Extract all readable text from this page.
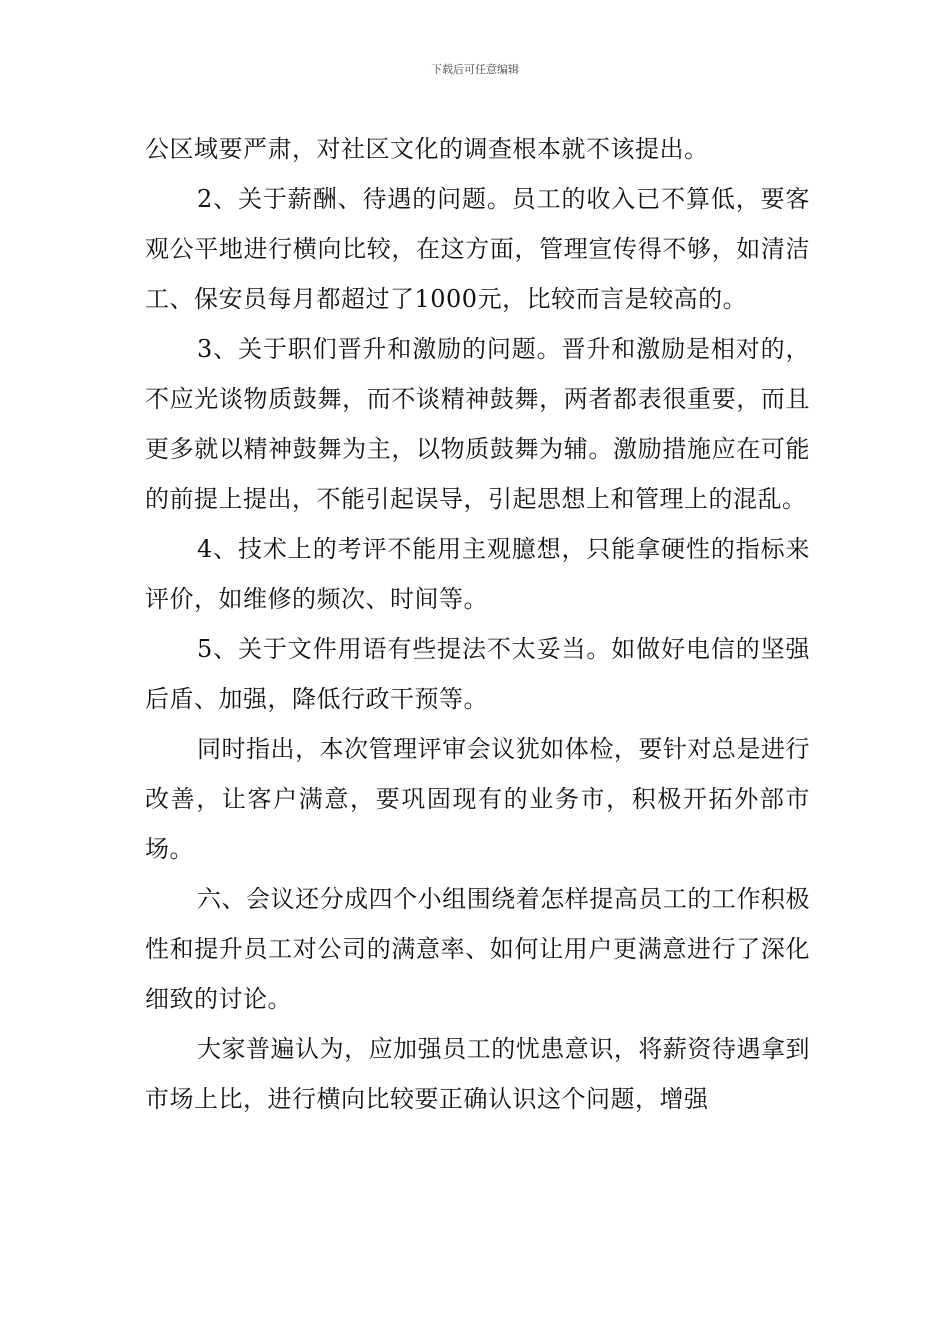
下载后可任意编辑

公区域要严肃，对社区文化的调查根本就不该提出。

2、关于薪酬、待遇的问题。员工的收入已不算低，要客观公平地进行横向比较，在这方面，管理宣传得不够，如清洁工、保安员每月都超过了1000元，比较而言是较高的。

3、关于职们晋升和激励的问题。晋升和激励是相对的，不应光谈物质鼓舞，而不谈精神鼓舞，两者都表很重要，而且更多就以精神鼓舞为主，以物质鼓舞为辅。激励措施应在可能的前提上提出，不能引起误导，引起思想上和管理上的混乱。

4、技术上的考评不能用主观臆想，只能拿硬性的指标来评价，如维修的频次、时间等。

5、关于文件用语有些提法不太妥当。如做好电信的坚强后盾、加强，降低行政干预等。

同时指出，本次管理评审会议犹如体检，要针对总是进行改善，让客户满意，要巩固现有的业务市，积极开拓外部市场。

六、会议还分成四个小组围绕着怎样提高员工的工作积极性和提升员工对公司的满意率、如何让用户更满意进行了深化细致的讨论。

大家普遍认为，应加强员工的忧患意识，将薪资待遇拿到市场上比，进行横向比较要正确认识这个问题，增强
